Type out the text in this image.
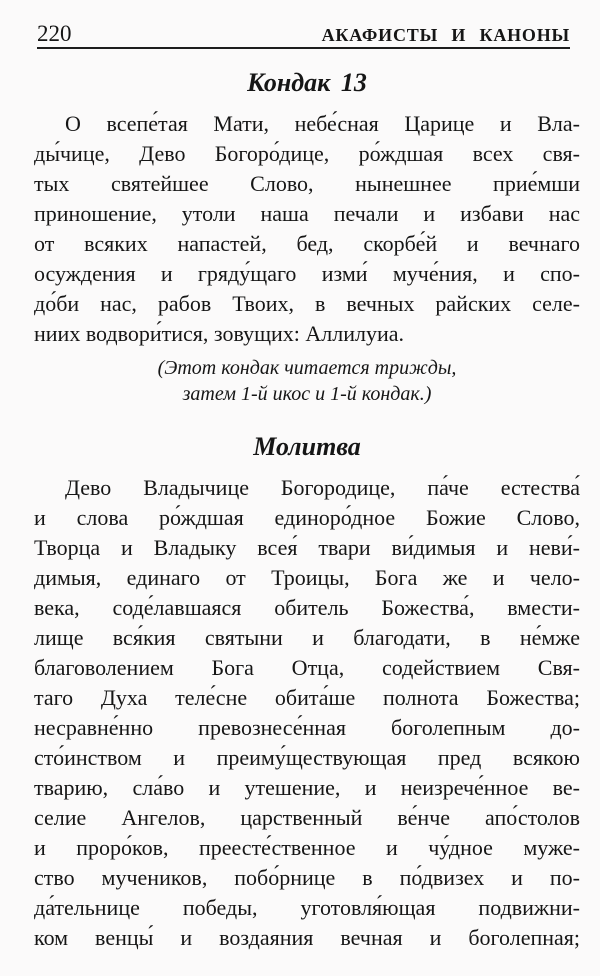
220	АКАФИСТЫ И КАНОНЫ
Кондак 13
О всепе́тая Мати, небе́сная Царице и Вла-
ды́чице, Дево Богоро́дице, ро́ждшая всех свя-
тых святейшее Слово, нынешнее прие́мши
приношение, утоли наша печали и избави нас
от всяких напастей, бед, скорбе́й и вечнаго
осуждения и гряду́щаго изми́ муче́ния, и спо-
до́би нас, рабов Твоих, в вечных райских селе-
ниих водвори́тися, зовущих: Аллилуиа.
(Этот кондак читается трижды,
затем 1-й икос и 1-й кондак.)
Молитва
Дево Владычице Богородице, па́че естества́
и слова ро́ждшая единоро́дное Божие Слово,
Творца и Владыку всея́ твари ви́димыя и неви́-
димыя, единаго от Троицы, Бога же и чело-
века, соде́лавшаяся обитель Божества́, вмести-
лище вся́кия святыни и благодати, в не́мже
благоволением Бога Отца, содействием Свя-
таго Духа теле́сне обита́ше полнота Божества;
несравне́нно превознесе́нная боголепным до-
сто́инством и преиму́ществующая пред всякою
тварию, сла́во и утешение, и неизрече́нное ве-
селие Ангелов, царственный ве́нче апо́столов
и проро́ков, преесте́ственное и чу́дное муже-
ство мучеников, побо́рнице в по́двизех и по-
да́тельнице победы, уготовля́ющая подвижни-
ком венцы́ и воздаяния вечная и боголепная;
